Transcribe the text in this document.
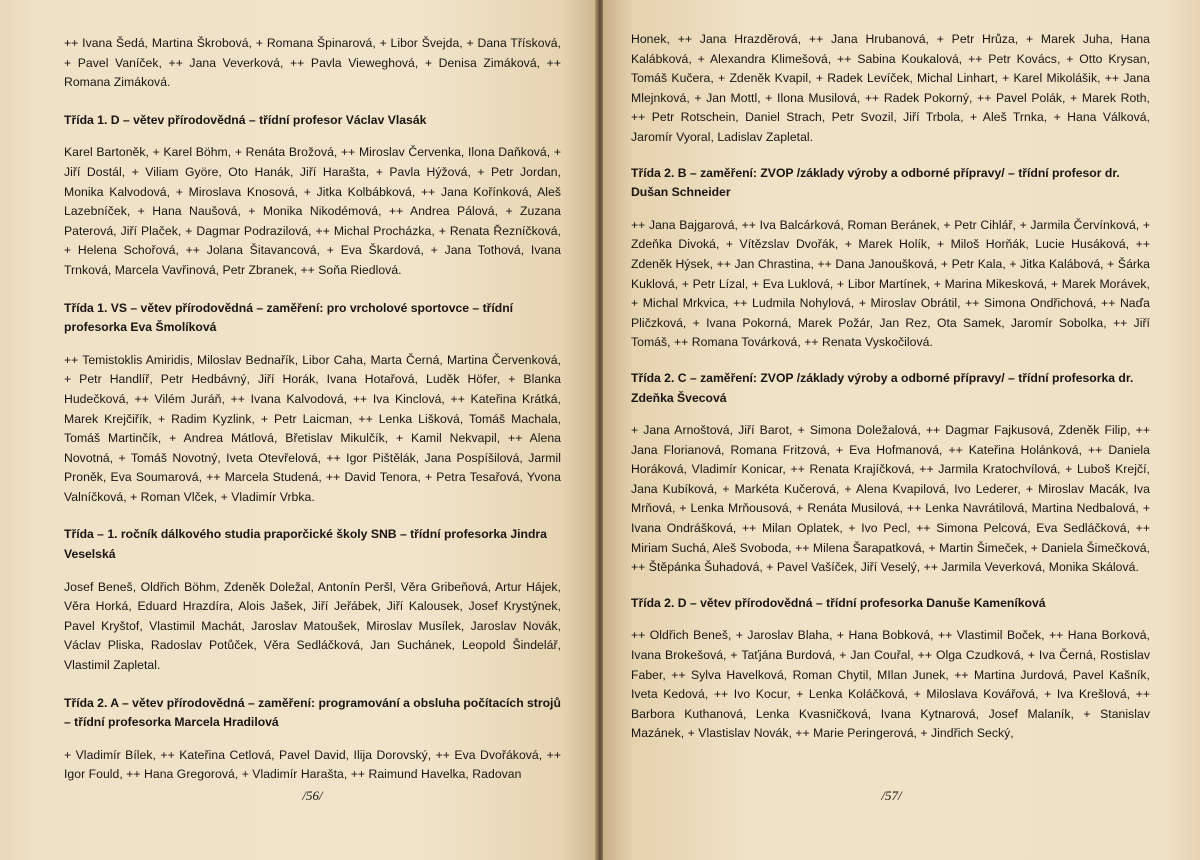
++ Ivana Šedá, Martina Škrobová, + Romana Špinarová, + Libor Švejda, + Dana Třísková, + Pavel Vaníček, ++ Jana Veverková, ++ Pavla Vieweghová, + Denisa Zimáková, ++ Romana Zimáková.

Třída 1. D – větev přírodovědná – třídní profesor Václav Vlasák

Karel Bartoněk, + Karel Böhm, + Renáta Brožová, ++ Miroslav Červenka, Ilona Daňková, + Jiří Dostál, + Viliam Györe, Oto Hanák, Jiří Harašta, + Pavla Hýžová, + Petr Jordan, Monika Kalvodová, + Miroslava Knosová, + Jitka Kolbábková, ++ Jana Kořínková, Aleš Lazebníček, + Hana Naušová, + Monika Nikodémová, ++ Andrea Pálová, + Zuzana Paterová, Jiří Plaček, + Dagmar Podrazilová, ++ Michal Procházka, + Renata Řezníčková, + Helena Schořová, ++ Jolana Šitavancová, + Eva Škardová, + Jana Tothová, Ivana Trnková, Marcela Vavřinová, Petr Zbranek, ++ Soňa Riedlová.

Třída 1. VS – větev přírodovědná – zaměření: pro vrcholové sportovce – třídní profesorka Eva Šmolíková

++ Temistoklis Amiridis, Miloslav Bednařík, Libor Caha, Marta Černá, Martina Červenková, + Petr Handlíř, Petr Hedbávný, Jiří Horák, Ivana Hotařová, Luděk Höfer, + Blanka Hudečková, ++ Vilém Juráň, ++ Ivana Kalvodová, ++ Iva Kinclová, ++ Kateřina Krátká, Marek Krejčiřík, + Radim Kyzlink, + Petr Laicman, ++ Lenka Lišková, Tomáš Machala, Tomáš Martinčík, + Andrea Mátlová, Břetislav Mikulčík, + Kamil Nekvapil, ++ Alena Novotná, + Tomáš Novotný, Iveta Otevřelová, ++ Igor Pištělák, Jana Pospíšilová, Jarmil Proněk, Eva Soumarová, ++ Marcela Studená, ++ David Tenora, + Petra Tesařová, Yvona Valníčková, + Roman Vlček, + Vladimír Vrbka.

Třída – 1. ročník dálkového studia praporčické školy SNB – třídní profesorka Jindra Veselská

Josef Beneš, Oldřich Böhm, Zdeněk Doležal, Antonín Peršl, Věra Gribeňová, Artur Hájek, Věra Horká, Eduard Hrazdíra, Alois Jašek, Jiří Jeřábek, Jiří Kalousek, Josef Krystýnek, Pavel Kryštof, Vlastimil Machát, Jaroslav Matoušek, Miroslav Musílek, Jaroslav Novák, Václav Pliska, Radoslav Potůček, Věra Sedláčková, Jan Suchánek, Leopold Šindelář, Vlastimil Zapletal.

Třída 2. A – větev přírodovědná – zaměření: programování a obsluha počítacích strojů – třídní profesorka Marcela Hradilová

+ Vladimír Bílek, ++ Kateřina Cetlová, Pavel David, Ilija Dorovský, ++ Eva Dvořáková, ++ Igor Fould, ++ Hana Gregorová, + Vladimír Harašta, ++ Raimund Havelka, Radovan

/56/

Honek, ++ Jana Hrazděrová, ++ Jana Hrubanová, + Petr Hrůza, + Marek Juha, Hana Kalábková, + Alexandra Klimešová, ++ Sabina Koukalová, ++ Petr Kovács, + Otto Krysan, Tomáš Kučera, + Zdeněk Kvapil, + Radek Levíček, Michal Linhart, + Karel Mikolášik, ++ Jana Mlejnková, + Jan Mottl, + Ilona Musilová, ++ Radek Pokorný, ++ Pavel Polák, + Marek Roth, ++ Petr Rotschein, Daniel Strach, Petr Svozil, Jiří Trbola, + Aleš Trnka, + Hana Válková, Jaromír Vyoral, Ladislav Zapletal.

Třída 2. B – zaměření: ZVOP /základy výroby a odborné přípravy/ – třídní profesor dr. Dušan Schneider

++ Jana Bajgarová, ++ Iva Balcárková, Roman Beránek, + Petr Cihlář, + Jarmila Červínková, + Zdeňka Divoká, + Vítězslav Dvořák, + Marek Holík, + Miloš Horňák, Lucie Husáková, ++ Zdeněk Hýsek, ++ Jan Chrastina, ++ Dana Janoušková, + Petr Kala, + Jitka Kalábová, + Šárka Kuklová, + Petr Lízal, + Eva Luklová, + Libor Martínek, + Marina Mikesková, + Marek Morávek, + Michal Mrkvica, ++ Ludmila Nohylová, + Miroslav Obrátil, ++ Simona Ondřichová, ++ Naďa Pličzková, + Ivana Pokorná, Marek Požár, Jan Rez, Ota Samek, Jaromír Sobolka, ++ Jiří Tomáš, ++ Romana Továrková, ++ Renata Vyskočilová.

Třída 2. C – zaměření: ZVOP /základy výroby a odborné přípravy/ – třídní profesorka dr. Zdeňka Švecová

+ Jana Arnoštová, Jiří Barot, + Simona Doležalová, ++ Dagmar Fajkusová, Zdeněk Filip, ++ Jana Florianová, Romana Fritzová, + Eva Hofmanová, ++ Kateřina Holánková, ++ Daniela Horáková, Vladimír Konicar, ++ Renata Krajíčková, ++ Jarmila Kratochvílová, + Luboš Krejčí, Jana Kubíková, + Markéta Kučerová, + Alena Kvapilová, Ivo Lederer, + Miroslav Macák, Iva Mrňová, + Lenka Mrňousová, + Renáta Musilová, ++ Lenka Navrátilová, Martina Nedbalová, + Ivana Ondrášková, ++ Milan Oplatek, + Ivo Pecl, ++ Simona Pelcová, Eva Sedláčková, ++ Miriam Suchá, Aleš Svoboda, ++ Milena Šarapatková, + Martin Šimeček, + Daniela Šimečková, ++ Štěpánka Šuhadová, + Pavel Vašíček, Jiří Veselý, ++ Jarmila Veverková, Monika Skálová.

Třída 2. D – větev přírodovědná – třídní profesorka Danuše Kameníková

++ Oldřich Beneš, + Jaroslav Blaha, + Hana Bobková, ++ Vlastimil Boček, ++ Hana Borková, Ivana Brokešová, + Taťjána Burdová, + Jan Couřal, ++ Olga Czudková, + Iva Černá, Rostislav Faber, ++ Sylva Havelková, Roman Chytil, MIlan Junek, ++ Martina Jurdová, Pavel Kašník, Iveta Kedová, ++ Ivo Kocur, + Lenka Koláčková, + Miloslava Kovářová, + Iva Krešlová, ++ Barbora Kuthanová, Lenka Kvasničková, Ivana Kytnarová, Josef Malaník, + Stanislav Mazánek, + Vlastislav Novák, ++ Marie Peringerová, + Jindřich Secký,

/57/
